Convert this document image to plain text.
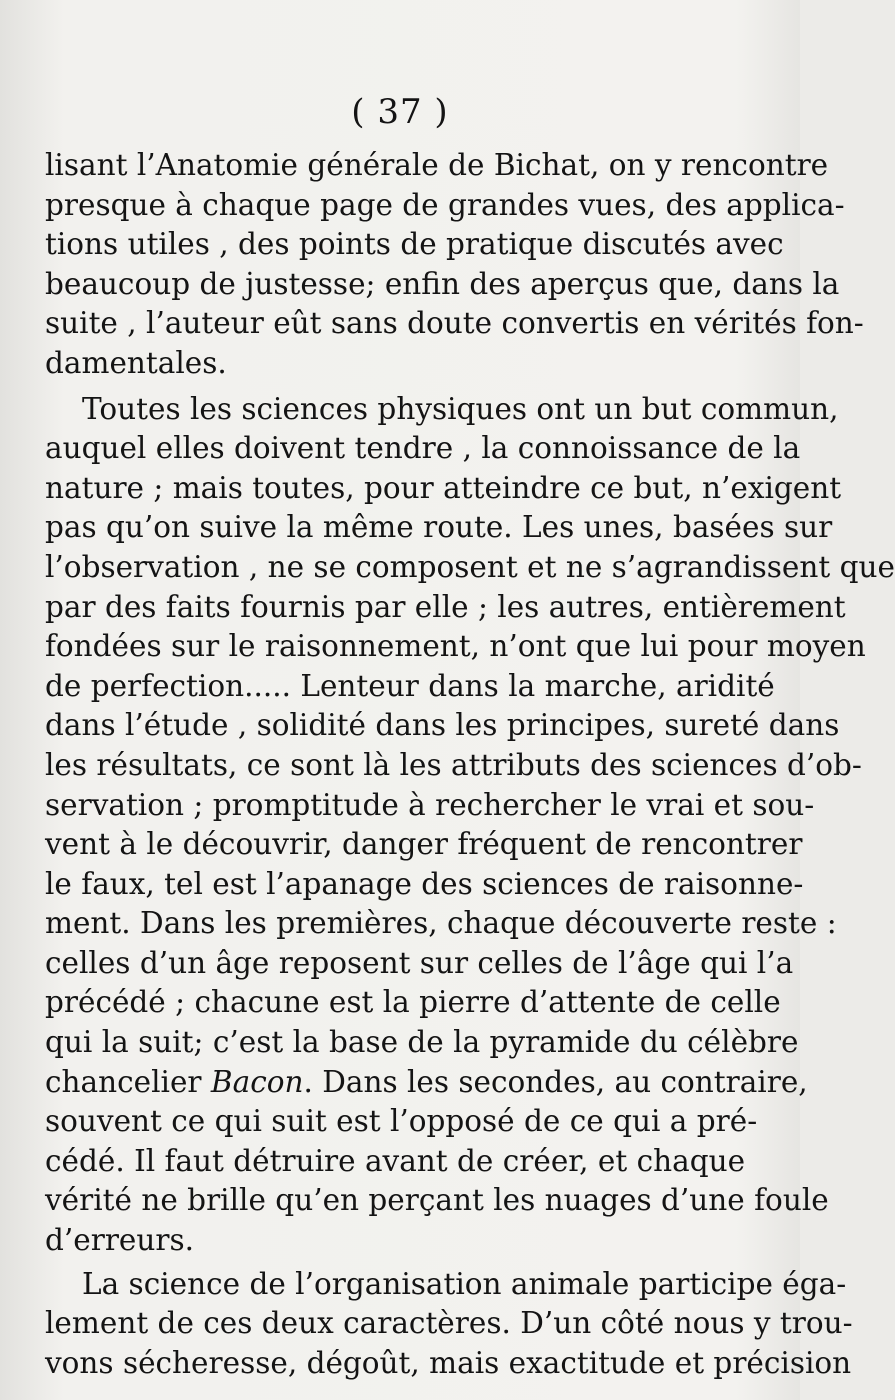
( 37 )
lisant l’Anatomie générale de Bichat, on y rencontre
presque à chaque page de grandes vues, des applica-
tions utiles , des points de pratique discutés avec
beaucoup de justesse; enfin des aperçus que, dans la
suite , l’auteur eût sans doute convertis en vérités fon-
damentales.
Toutes les sciences physiques ont un but commun,
auquel elles doivent tendre , la connoissance de la
nature ; mais toutes, pour atteindre ce but, n’exigent
pas qu’on suive la même route. Les unes, basées sur
l’observation , ne se composent et ne s’agrandissent que
par des faits fournis par elle ; les autres, entièrement
fondées sur le raisonnement, n’ont que lui pour moyen
de perfection..... Lenteur dans la marche, aridité
dans l’étude , solidité dans les principes, sureté dans
les résultats, ce sont là les attributs des sciences d’ob-
servation ; promptitude à rechercher le vrai et sou-
vent à le découvrir, danger fréquent de rencontrer
le faux, tel est l’apanage des sciences de raisonne-
ment. Dans les premières, chaque découverte reste :
celles d’un âge reposent sur celles de l’âge qui l’a
précédé ; chacune est la pierre d’attente de celle
qui la suit; c’est la base de la pyramide du célèbre
chancelier Bacon. Dans les secondes, au contraire,
souvent ce qui suit est l’opposé de ce qui a pré-
cédé. Il faut détruire avant de créer, et chaque
vérité ne brille qu’en perçant les nuages d’une foule
d’erreurs.
La science de l’organisation animale participe éga-
lement de ces deux caractères. D’un côté nous y trou-
vons sécheresse, dégoût, mais exactitude et précision
